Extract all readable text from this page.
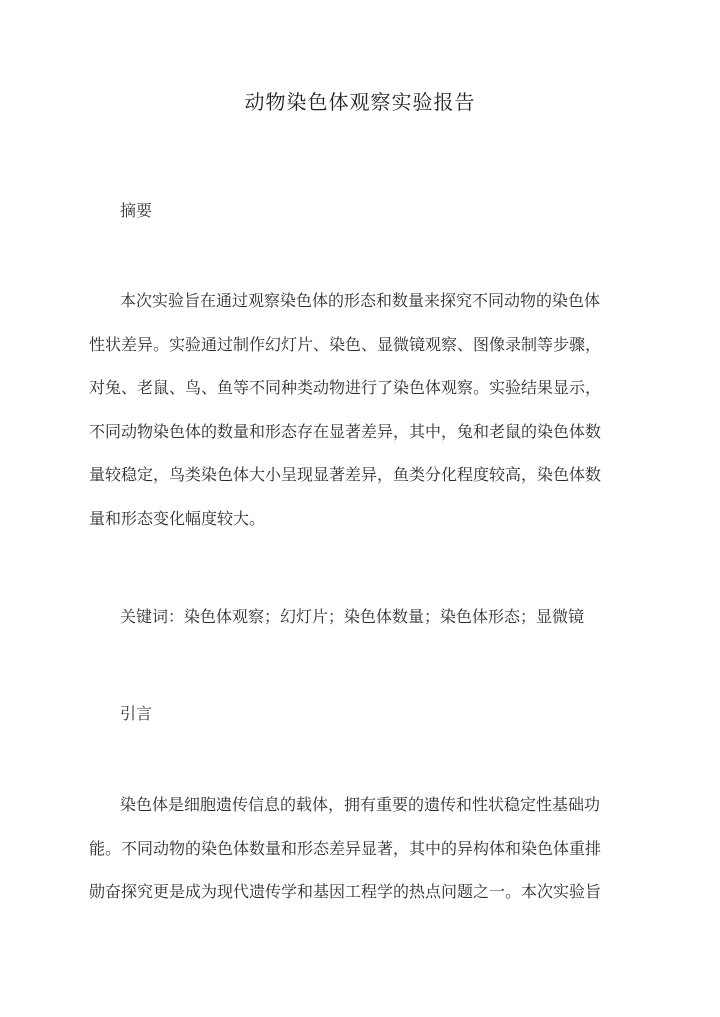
动物染色体观察实验报告
摘要

本次实验旨在通过观察染色体的形态和数量来探究不同动物的染色体
性状差异。实验通过制作幻灯片、染色、显微镜观察、图像录制等步骤，
对兔、老鼠、鸟、鱼等不同种类动物进行了染色体观察。实验结果显示，
不同动物染色体的数量和形态存在显著差异，其中，兔和老鼠的染色体数
量较稳定，鸟类染色体大小呈现显著差异，鱼类分化程度较高，染色体数
量和形态变化幅度较大。

关键词：染色体观察；幻灯片；染色体数量；染色体形态；显微镜

引言

染色体是细胞遗传信息的载体，拥有重要的遗传和性状稳定性基础功
能。不同动物的染色体数量和形态差异显著，其中的异构体和染色体重排
勋奋探究更是成为现代遗传学和基因工程学的热点问题之一。本次实验旨
